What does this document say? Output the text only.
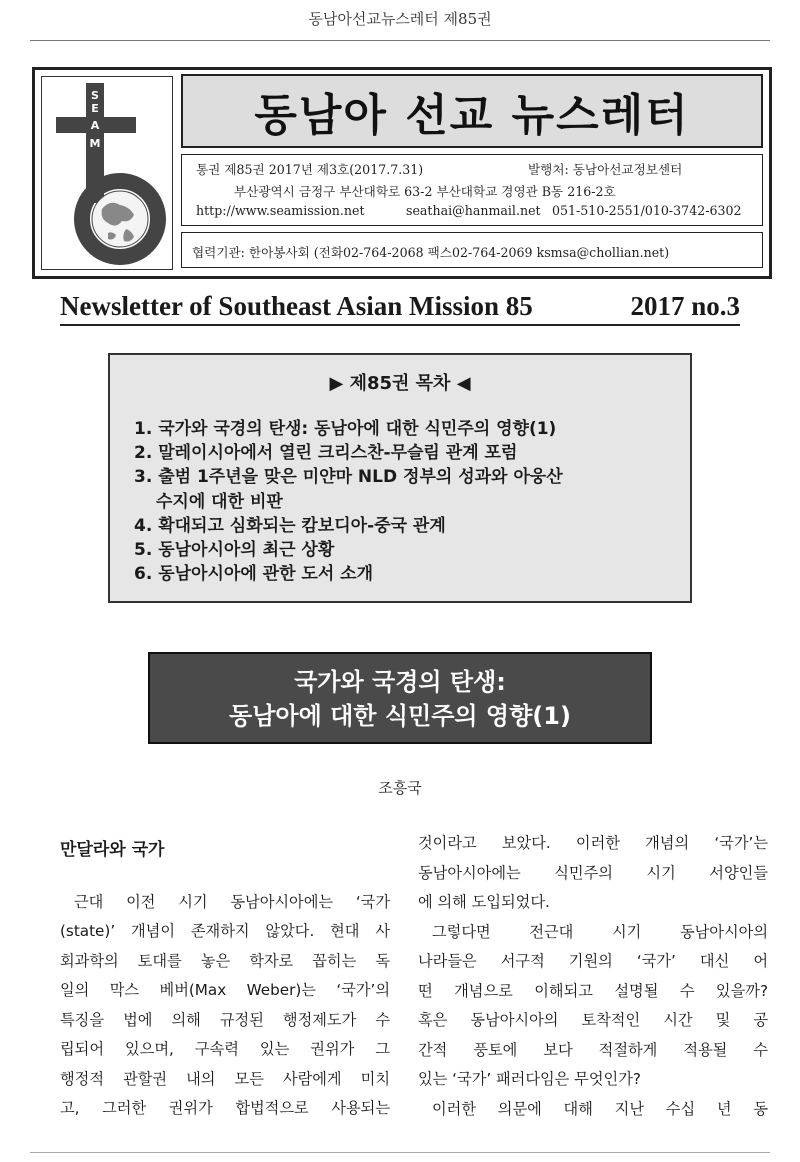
동남아선교뉴스레터 제85권
S
E
A
M
동남아 선교 뉴스레터
통권 제85권 2017년 제3호(2017.7.31)	발행처: 동남아선교정보센터
부산광역시 금정구 부산대학로 63-2 부산대학교 경영관 B동 216-2호
http://www.seamission.net	seathai@hanmail.net 051-510-2551/010-3742-6302
협력기관: 한아봉사회 (전화02-764-2068 팩스02-764-2069 ksmsa@chollian.net)
Newsletter of Southeast Asian Mission 85	2017 no.3
▶ 제85권 목차 ◀
1. 국가와 국경의 탄생: 동남아에 대한 식민주의 영향(1)
2. 말레이시아에서 열린 크리스찬-무슬림 관계 포럼
3. 출범 1주년을 맞은 미얀마 NLD 정부의 성과와 아웅산
수지에 대한 비판
4. 확대되고 심화되는 캄보디아-중국 관계
5. 동남아시아의 최근 상황
6. 동남아시아에 관한 도서 소개
국가와 국경의 탄생:
동남아에 대한 식민주의 영향(1)
조흥국

만달라와 국가

근대 이전 시기 동남아시아에는 ‘국가

(state)’ 개념이 존재하지 않았다. 현대 사

회과학의 토대를 놓은 학자로 꼽히는 독

일의 막스 베버(Max Weber)는 ‘국가’의

특징을 법에 의해 규정된 행정제도가 수

립되어 있으며, 구속력 있는 권위가 그

행정적 관할권 내의 모든 사람에게 미치

고, 그러한 권위가 합법적으로 사용되는

것이라고 보았다. 이러한 개념의 ‘국가’는

동남아시아에는 식민주의 시기 서양인들

에 의해 도입되었다.

그렇다면 전근대 시기 동남아시아의

나라들은 서구적 기원의 ‘국가’ 대신 어

떤 개념으로 이해되고 설명될 수 있을까?

혹은 동남아시아의 토착적인 시간 및 공

간적 풍토에 보다 적절하게 적용될 수

있는 ‘국가’ 패러다임은 무엇인가?

이러한 의문에 대해 지난 수십 년 동
